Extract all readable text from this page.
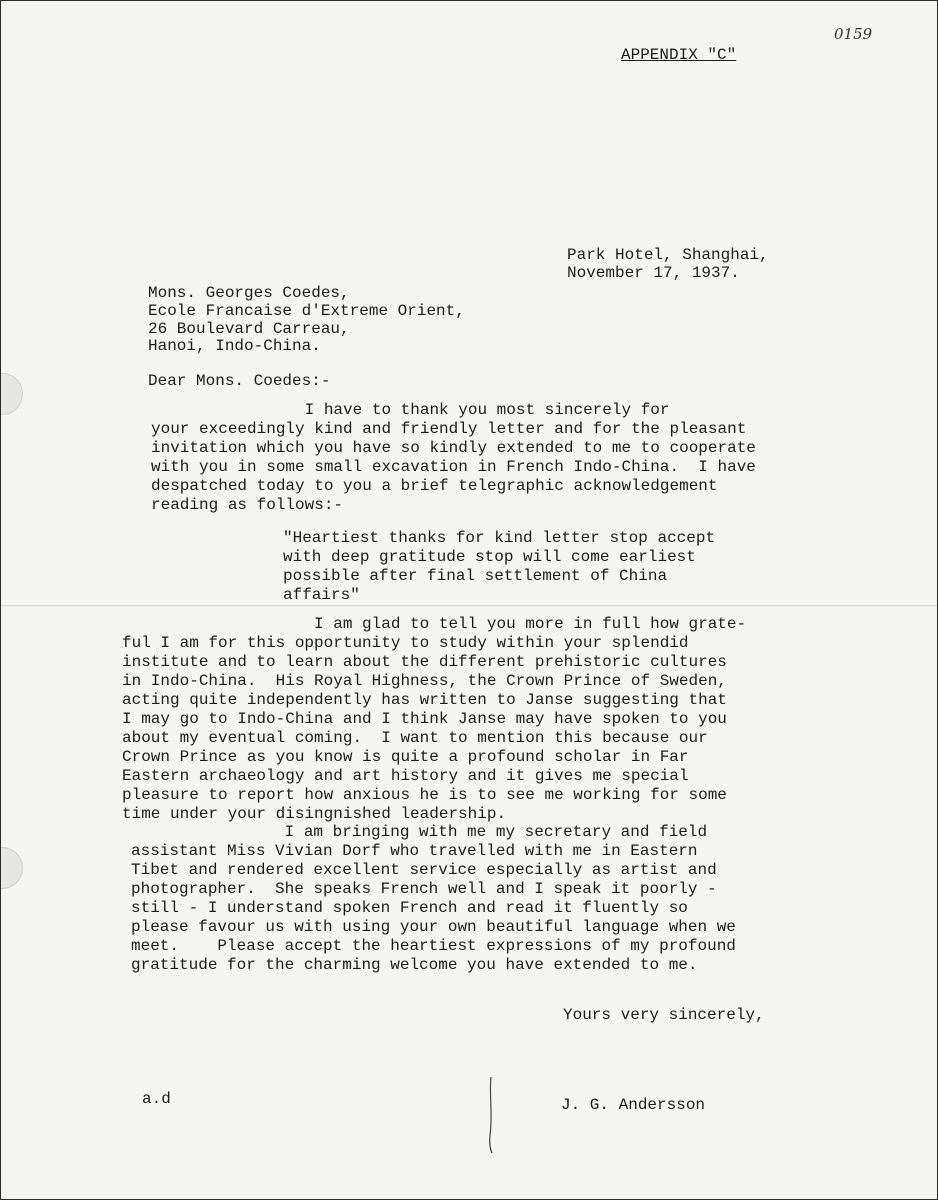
APPENDIX "C"

0159

Park Hotel, Shanghai,

November 17, 1937.

Mons. Georges Coedes,

Ecole Francaise d'Extreme Orient,

26 Boulevard Carreau,

Hanoi, Indo-China.

Dear Mons. Coedes:-

I have to thank you most sincerely for
your exceedingly kind and friendly letter and for the pleasant
invitation which you have so kindly extended to me to cooperate
with you in some small excavation in French Indo-China.  I have
despatched today to you a brief telegraphic acknowledgement
reading as follows:-
"Heartiest thanks for kind letter stop accept
with deep gratitude stop will come earliest
possible after final settlement of China
affairs"
I am glad to tell you more in full how grate-
ful I am for this opportunity to study within your splendid
institute and to learn about the different prehistoric cultures
in Indo-China.  His Royal Highness, the Crown Prince of Sweden,
acting quite independently has written to Janse suggesting that
I may go to Indo-China and I think Janse may have spoken to you
about my eventual coming.  I want to mention this because our
Crown Prince as you know is quite a profound scholar in Far
Eastern archaeology and art history and it gives me special
pleasure to report how anxious he is to see me working for some
time under your disingnished leadership.
I am bringing with me my secretary and field
assistant Miss Vivian Dorf who travelled with me in Eastern
Tibet and rendered excellent service especially as artist and
photographer.  She speaks French well and I speak it poorly -
still - I understand spoken French and read it fluently so
please favour us with using your own beautiful language when we
meet.    Please accept the heartiest expressions of my profound
gratitude for the charming welcome you have extended to me.

Yours very sincerely,

a.d	J. G. Andersson
